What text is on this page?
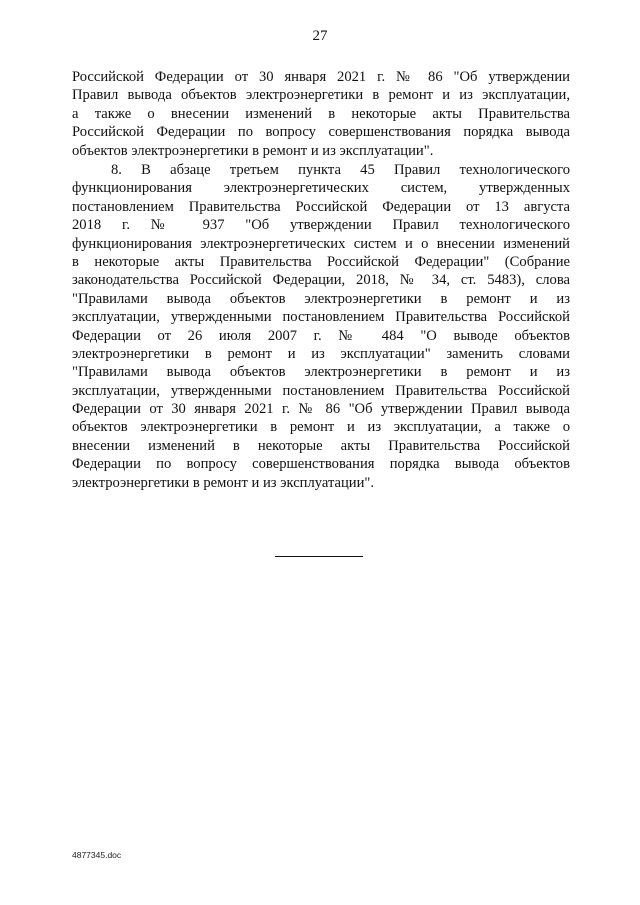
27
Российской Федерации от 30 января 2021 г. № 86 "Об утверждении
Правил вывода объектов электроэнергетики в ремонт и из эксплуатации,
а также о внесении изменений в некоторые акты Правительства
Российской Федерации по вопросу совершенствования порядка вывода
объектов электроэнергетики в ремонт и из эксплуатации".
8. В абзаце третьем пункта 45 Правил технологического
функционирования электроэнергетических систем, утвержденных
постановлением Правительства Российской Федерации от 13 августа
2018 г. № 937 "Об утверждении Правил технологического
функционирования электроэнергетических систем и о внесении изменений
в некоторые акты Правительства Российской Федерации" (Собрание
законодательства Российской Федерации, 2018, № 34, ст. 5483), слова
"Правилами вывода объектов электроэнергетики в ремонт и из
эксплуатации, утвержденными постановлением Правительства Российской
Федерации от 26 июля 2007 г. № 484 "О выводе объектов
электроэнергетики в ремонт и из эксплуатации" заменить словами
"Правилами вывода объектов электроэнергетики в ремонт и из
эксплуатации, утвержденными постановлением Правительства Российской
Федерации от 30 января 2021 г. № 86 "Об утверждении Правил вывода
объектов электроэнергетики в ремонт и из эксплуатации, а также о
внесении изменений в некоторые акты Правительства Российской
Федерации по вопросу совершенствования порядка вывода объектов
электроэнергетики в ремонт и из эксплуатации".
4877345.doc
